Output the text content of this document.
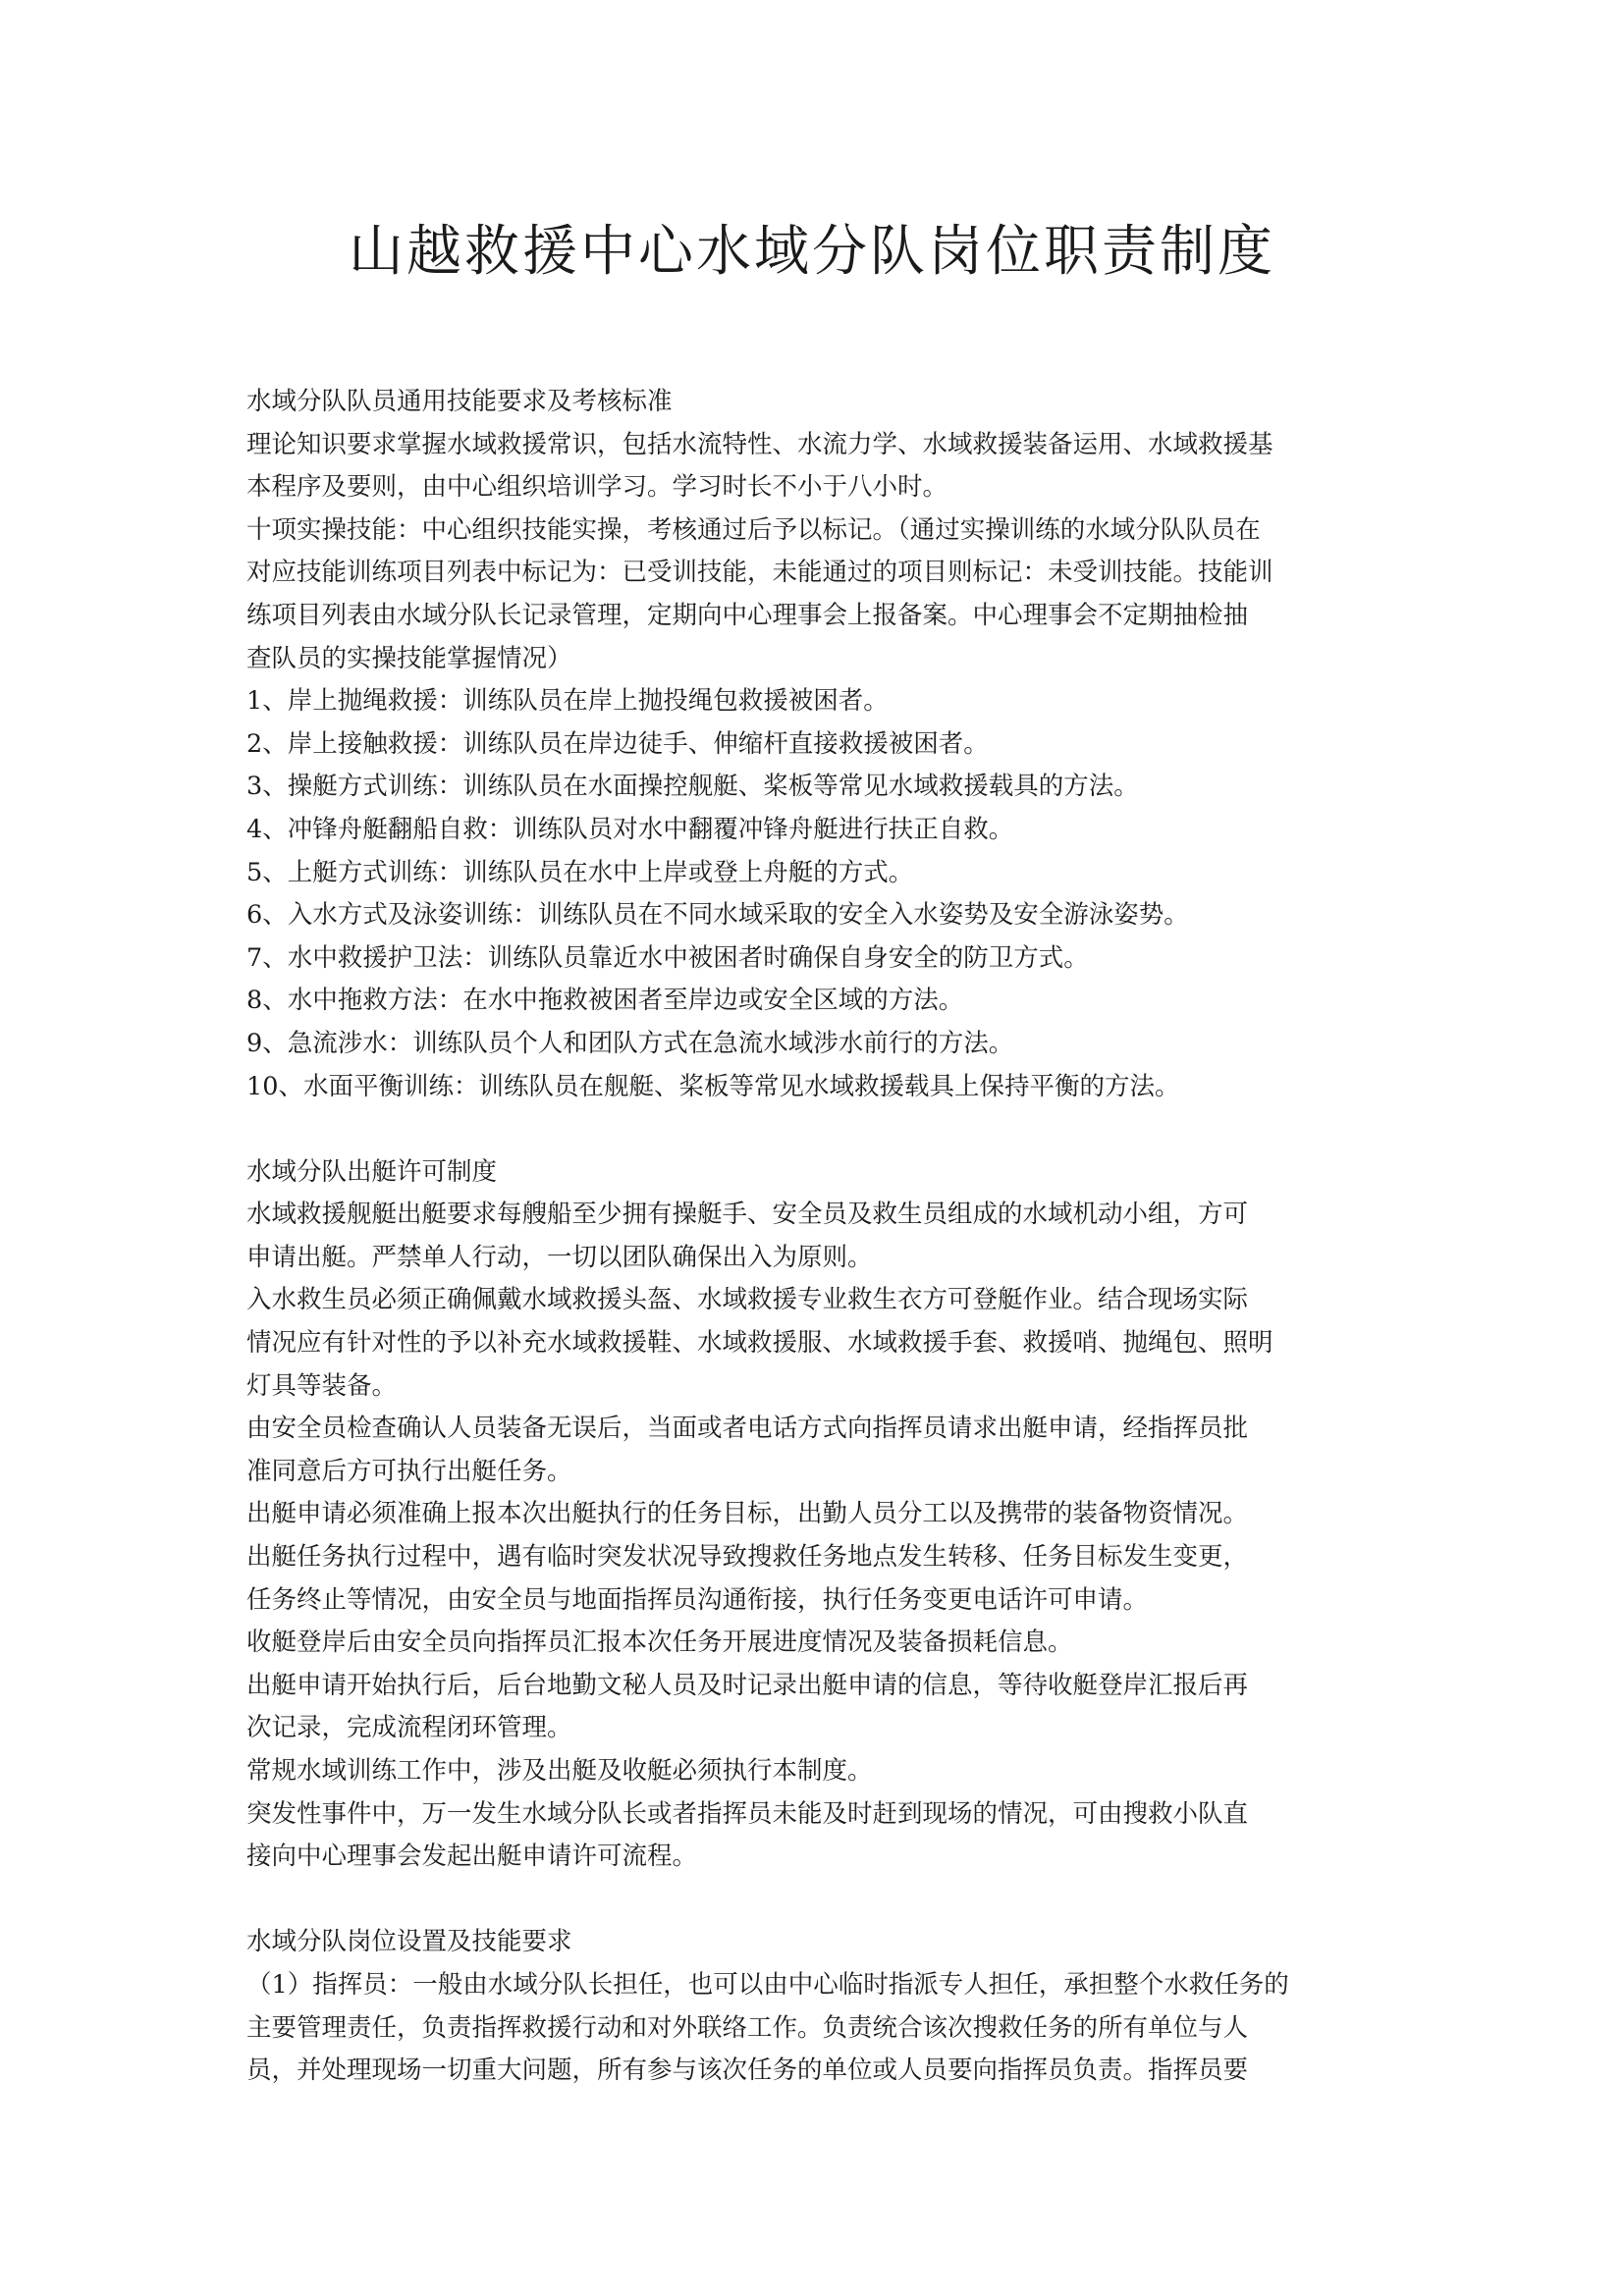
山越救援中心水域分队岗位职责制度
水域分队队员通用技能要求及考核标准
理论知识要求掌握水域救援常识，包括水流特性、水流力学、水域救援装备运用、水域救援基
本程序及要则，由中心组织培训学习。学习时长不小于八小时。
十项实操技能：中心组织技能实操，考核通过后予以标记。（通过实操训练的水域分队队员在
对应技能训练项目列表中标记为：已受训技能，未能通过的项目则标记：未受训技能。技能训
练项目列表由水域分队长记录管理，定期向中心理事会上报备案。中心理事会不定期抽检抽
查队员的实操技能掌握情况）
1、岸上抛绳救援：训练队员在岸上抛投绳包救援被困者。
2、岸上接触救援：训练队员在岸边徒手、伸缩杆直接救援被困者。
3、操艇方式训练：训练队员在水面操控舰艇、桨板等常见水域救援载具的方法。
4、冲锋舟艇翻船自救：训练队员对水中翻覆冲锋舟艇进行扶正自救。
5、上艇方式训练：训练队员在水中上岸或登上舟艇的方式。
6、入水方式及泳姿训练：训练队员在不同水域采取的安全入水姿势及安全游泳姿势。
7、水中救援护卫法：训练队员靠近水中被困者时确保自身安全的防卫方式。
8、水中拖救方法：在水中拖救被困者至岸边或安全区域的方法。
9、急流涉水：训练队员个人和团队方式在急流水域涉水前行的方法。
10、水面平衡训练：训练队员在舰艇、桨板等常见水域救援载具上保持平衡的方法。
水域分队出艇许可制度
水域救援舰艇出艇要求每艘船至少拥有操艇手、安全员及救生员组成的水域机动小组，方可
申请出艇。严禁单人行动，一切以团队确保出入为原则。
入水救生员必须正确佩戴水域救援头盔、水域救援专业救生衣方可登艇作业。结合现场实际
情况应有针对性的予以补充水域救援鞋、水域救援服、水域救援手套、救援哨、抛绳包、照明
灯具等装备。
由安全员检查确认人员装备无误后，当面或者电话方式向指挥员请求出艇申请，经指挥员批
准同意后方可执行出艇任务。
出艇申请必须准确上报本次出艇执行的任务目标，出勤人员分工以及携带的装备物资情况。
出艇任务执行过程中，遇有临时突发状况导致搜救任务地点发生转移、任务目标发生变更，
任务终止等情况，由安全员与地面指挥员沟通衔接，执行任务变更电话许可申请。
收艇登岸后由安全员向指挥员汇报本次任务开展进度情况及装备损耗信息。
出艇申请开始执行后，后台地勤文秘人员及时记录出艇申请的信息，等待收艇登岸汇报后再
次记录，完成流程闭环管理。
常规水域训练工作中，涉及出艇及收艇必须执行本制度。
突发性事件中，万一发生水域分队长或者指挥员未能及时赶到现场的情况，可由搜救小队直
接向中心理事会发起出艇申请许可流程。
水域分队岗位设置及技能要求
（1）指挥员：一般由水域分队长担任，也可以由中心临时指派专人担任，承担整个水救任务的
主要管理责任，负责指挥救援行动和对外联络工作。负责统合该次搜救任务的所有单位与人
员，并处理现场一切重大问题，所有参与该次任务的单位或人员要向指挥员负责。指挥员要
